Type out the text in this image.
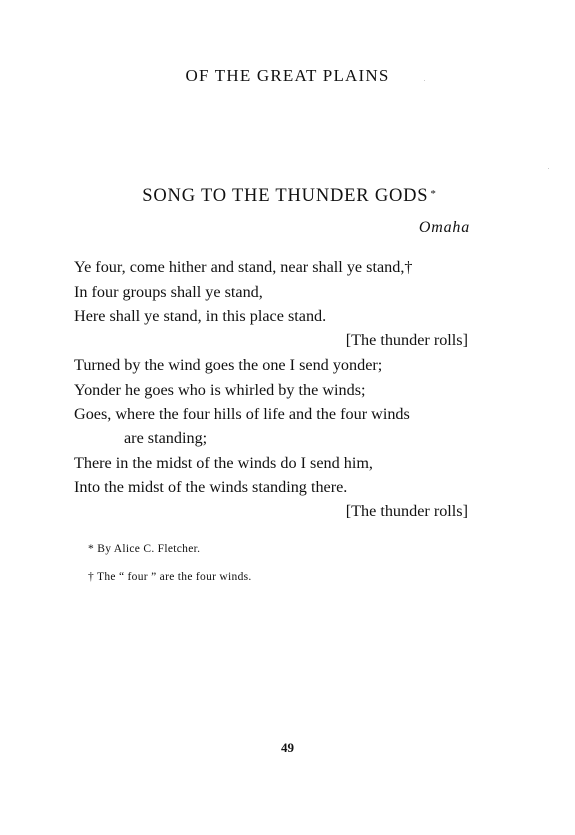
OF THE GREAT PLAINS
SONG TO THE THUNDER GODS *
Omaha
Ye four, come hither and stand, near shall ye stand,†
In four groups shall ye stand,
Here shall ye stand, in this place stand.
[The thunder rolls]
Turned by the wind goes the one I send yonder;
Yonder he goes who is whirled by the winds;
Goes, where the four hills of life and the four winds
are standing;
There in the midst of the winds do I send him,
Into the midst of the winds standing there.
[The thunder rolls]
* By Alice C. Fletcher.
† The “ four ” are the four winds.
49
